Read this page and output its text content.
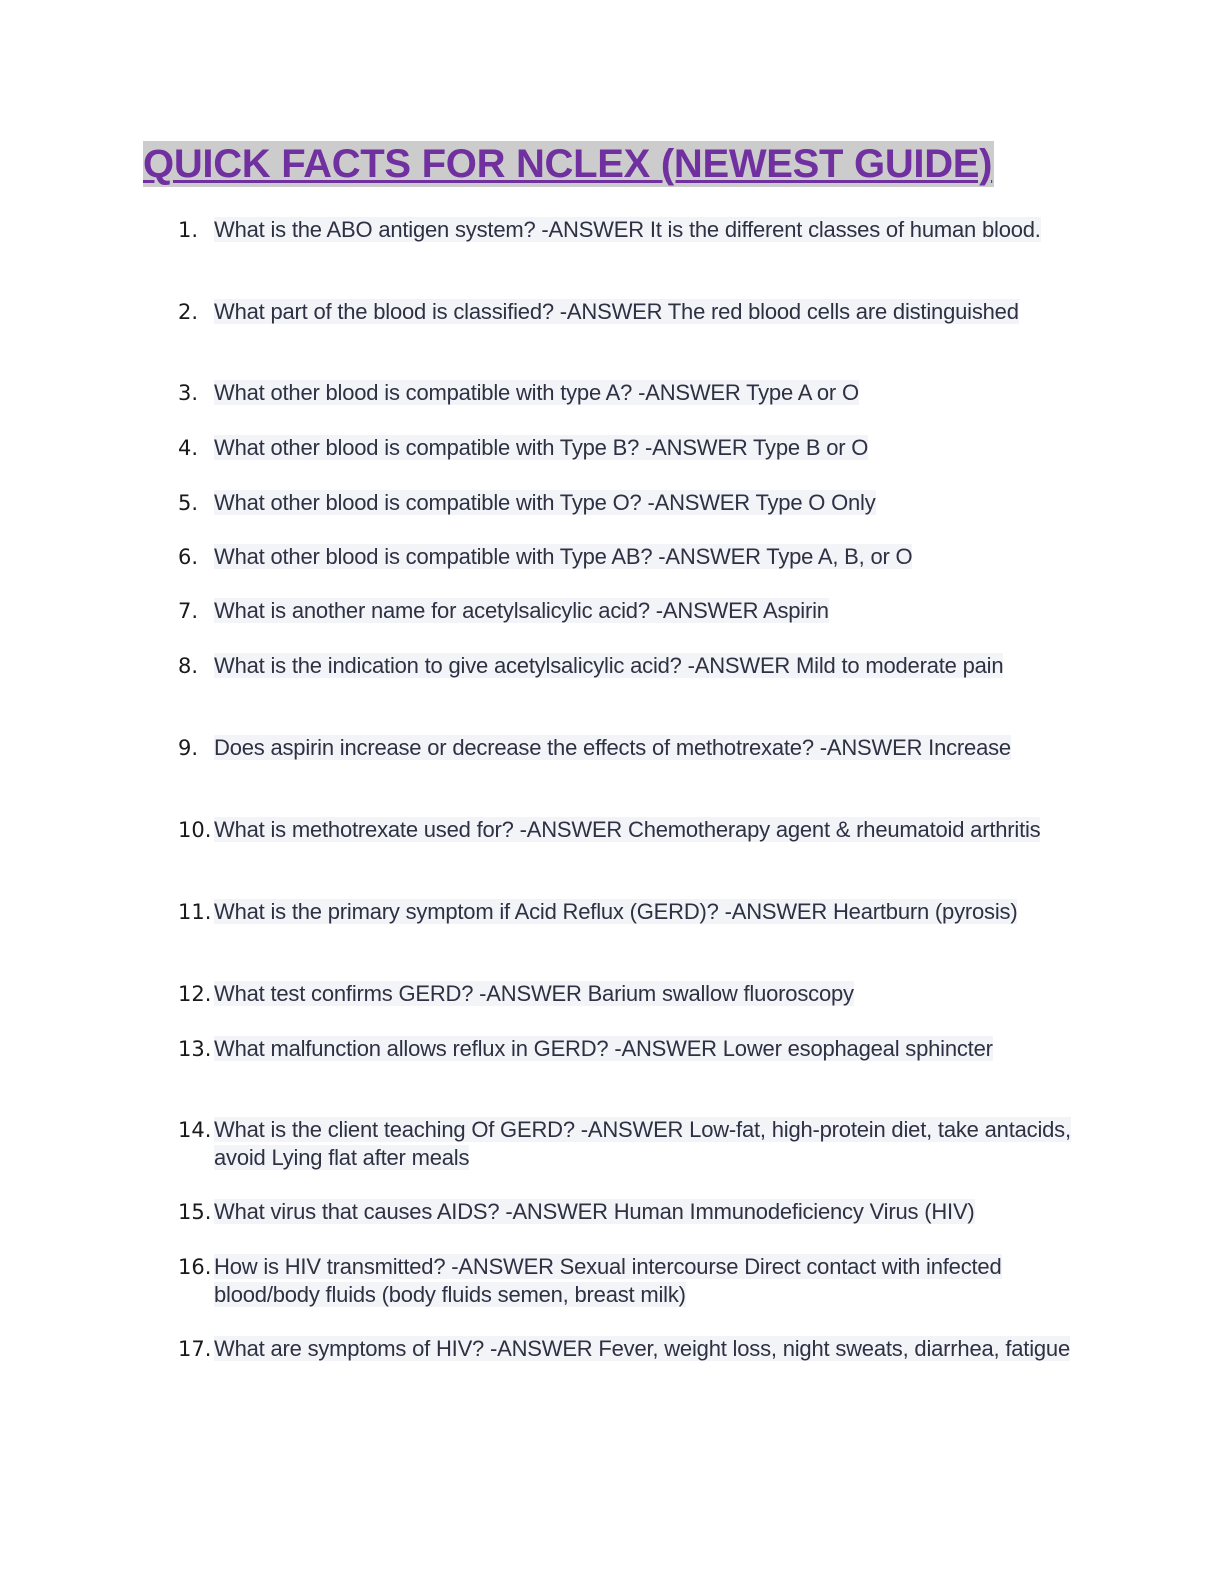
QUICK FACTS FOR NCLEX (NEWEST GUIDE)
1. What is the ABO antigen system? -ANSWER It is the different classes of human blood.
2. What part of the blood is classified? -ANSWER The red blood cells are distinguished
3. What other blood is compatible with type A? -ANSWER Type A or O
4. What other blood is compatible with Type B? -ANSWER Type B or O
5. What other blood is compatible with Type O? -ANSWER Type O Only
6. What other blood is compatible with Type AB? -ANSWER Type A, B, or O
7. What is another name for acetylsalicylic acid? -ANSWER Aspirin
8. What is the indication to give acetylsalicylic acid? -ANSWER Mild to moderate pain
9. Does aspirin increase or decrease the effects of methotrexate? -ANSWER Increase
10. What is methotrexate used for? -ANSWER Chemotherapy agent & rheumatoid arthritis
11. What is the primary symptom if Acid Reflux (GERD)? -ANSWER Heartburn (pyrosis)
12. What test confirms GERD? -ANSWER Barium swallow fluoroscopy
13. What malfunction allows reflux in GERD? -ANSWER Lower esophageal sphincter
14. What is the client teaching Of GERD? -ANSWER Low-fat, high-protein diet, take antacids, avoid Lying flat after meals
15. What virus that causes AIDS? -ANSWER Human Immunodeficiency Virus (HIV)
16. How is HIV transmitted? -ANSWER Sexual intercourse Direct contact with infected blood/body fluids (body fluids semen, breast milk)
17. What are symptoms of HIV? -ANSWER Fever, weight loss, night sweats, diarrhea, fatigue
